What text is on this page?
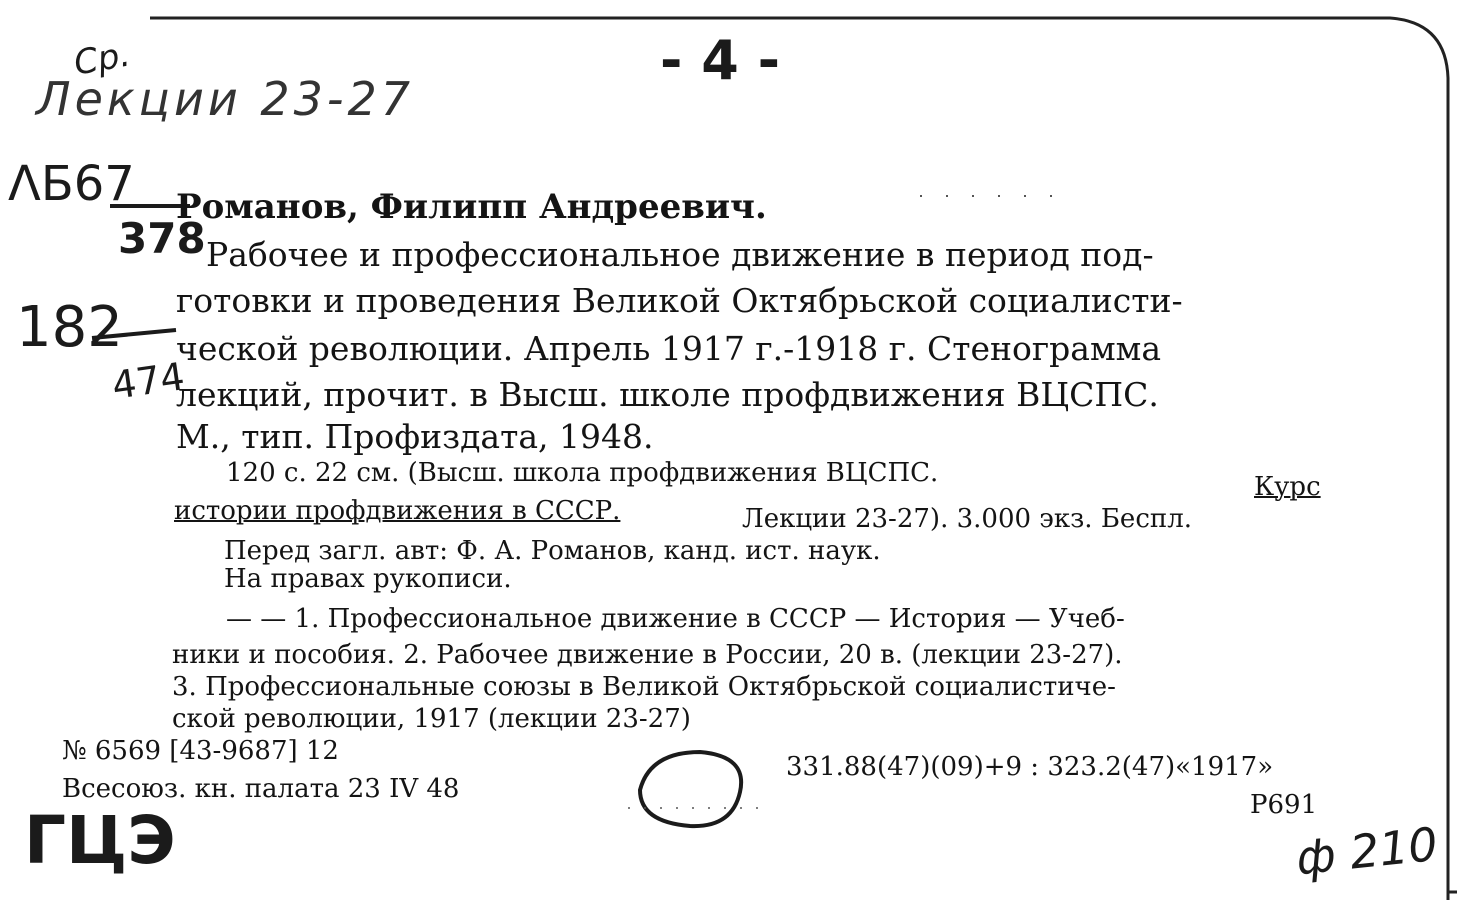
Ср.
Лекции 23-27
- 4 -
ΛБ67
378
182
474
ГЦЭ	ф 210
Романов, Филипп Андреевич.
Рабочее и профессиональное движение в период под-
готовки и проведения Великой Октябрьской социалисти-
ческой революции. Апрель 1917 г.-1918 г. Стенограмма
лекций, прочит. в Высш. школе профдвижения ВЦСПС.
М., тип. Профиздата, 1948.
120 с. 22 см. (Высш. школа профдвижения ВЦСПС.	Курс
истории профдвижения в СССР.	Лекции 23-27). 3.000 экз. Беспл.
Перед загл. авт: Ф. А. Романов, канд. ист. наук.
На правах рукописи.
— — 1. Профессиональное движение в СССР — История — Учеб-
ники и пособия. 2. Рабочее движение в России, 20 в. (лекции 23-27).
3. Профессиональные союзы в Великой Октябрьской социалистиче-
ской революции, 1917 (лекции 23-27)
№ 6569 [43-9687] 12
Всесоюз. кн. палата 23 IV 48
331.88(47)(09)+9 : 323.2(47)«1917»
Р691
